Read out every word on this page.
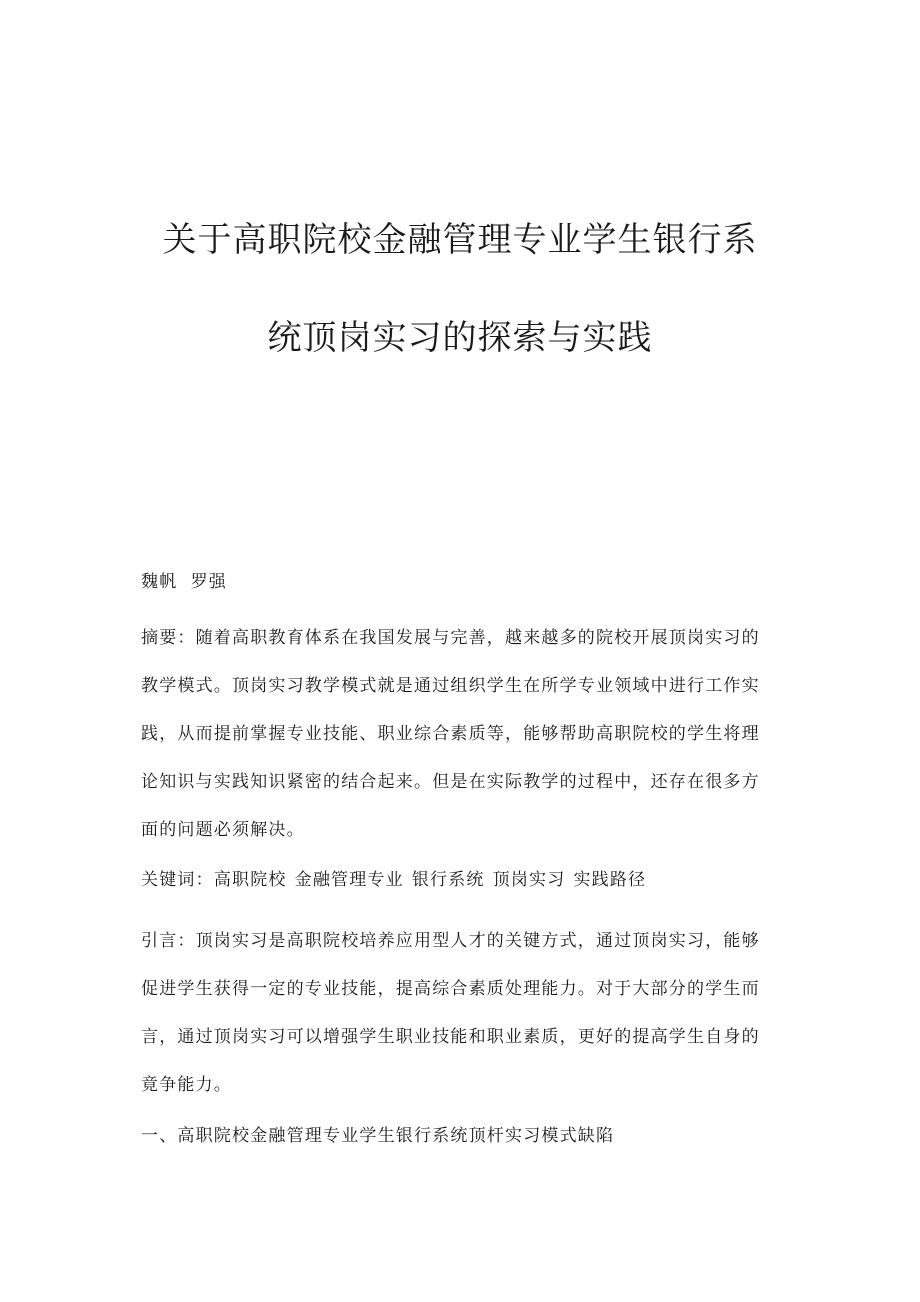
关于高职院校金融管理专业学生银行系
统顶岗实习的探索与实践
魏帆  罗强
摘要：随着高职教育体系在我国发展与完善，越来越多的院校开展顶岗实习的
教学模式。顶岗实习教学模式就是通过组织学生在所学专业领域中进行工作实
践，从而提前掌握专业技能、职业综合素质等，能够帮助高职院校的学生将理
论知识与实践知识紧密的结合起来。但是在实际教学的过程中，还存在很多方
面的问题必须解决。
关键词：高职院校 金融管理专业 银行系统 顶岗实习 实践路径
引言：顶岗实习是高职院校培养应用型人才的关键方式，通过顶岗实习，能够
促进学生获得一定的专业技能，提高综合素质处理能力。对于大部分的学生而
言，通过顶岗实习可以增强学生职业技能和职业素质，更好的提高学生自身的
竟争能力。
一、高职院校金融管理专业学生银行系统顶杆实习模式缺陷
